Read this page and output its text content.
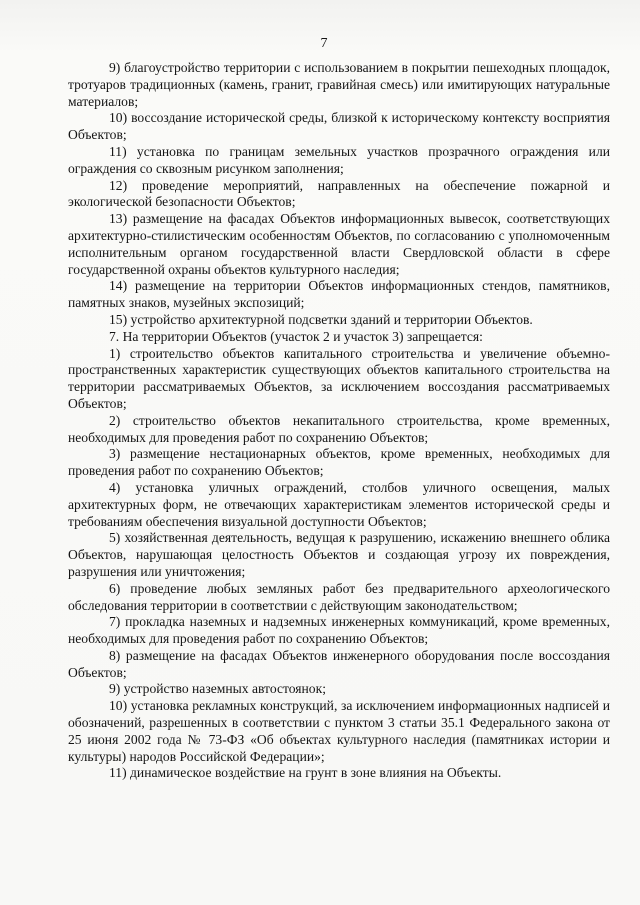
7

9) благоустройство территории с использованием в покрытии пешеходных площадок, тротуаров традиционных (камень, гранит, гравийная смесь) или имитирующих натуральные материалов;

10) воссоздание исторической среды, близкой к историческому контексту восприятия Объектов;

11) установка по границам земельных участков прозрачного ограждения или ограждения со сквозным рисунком заполнения;

12) проведение мероприятий, направленных на обеспечение пожарной и экологической безопасности Объектов;

13) размещение на фасадах Объектов информационных вывесок, соответствующих архитектурно-стилистическим особенностям Объектов, по согласованию с уполномоченным исполнительным органом государственной власти Свердловской области в сфере государственной охраны объектов культурного наследия;

14) размещение на территории Объектов информационных стендов, памятников, памятных знаков, музейных экспозиций;

15) устройство архитектурной подсветки зданий и территории Объектов.

7. На территории Объектов (участок 2 и участок 3) запрещается:

1) строительство объектов капитального строительства и увеличение объемно-пространственных характеристик существующих объектов капитального строительства на территории рассматриваемых Объектов, за исключением воссоздания рассматриваемых Объектов;

2) строительство объектов некапитального строительства, кроме временных, необходимых для проведения работ по сохранению Объектов;

3) размещение нестационарных объектов, кроме временных, необходимых для проведения работ по сохранению Объектов;

4) установка уличных ограждений, столбов уличного освещения, малых архитектурных форм, не отвечающих характеристикам элементов исторической среды и требованиям обеспечения визуальной доступности Объектов;

5) хозяйственная деятельность, ведущая к разрушению, искажению внешнего облика Объектов, нарушающая целостность Объектов и создающая угрозу их повреждения, разрушения или уничтожения;

6) проведение любых земляных работ без предварительного археологического обследования территории в соответствии с действующим законодательством;

7) прокладка наземных и надземных инженерных коммуникаций, кроме временных, необходимых для проведения работ по сохранению Объектов;

8) размещение на фасадах Объектов инженерного оборудования после воссоздания Объектов;

9) устройство наземных автостоянок;

10) установка рекламных конструкций, за исключением информационных надписей и обозначений, разрешенных в соответствии с пунктом 3 статьи 35.1 Федерального закона от 25 июня 2002 года № 73-ФЗ «Об объектах культурного наследия (памятниках истории и культуры) народов Российской Федерации»;

11) динамическое воздействие на грунт в зоне влияния на Объекты.
